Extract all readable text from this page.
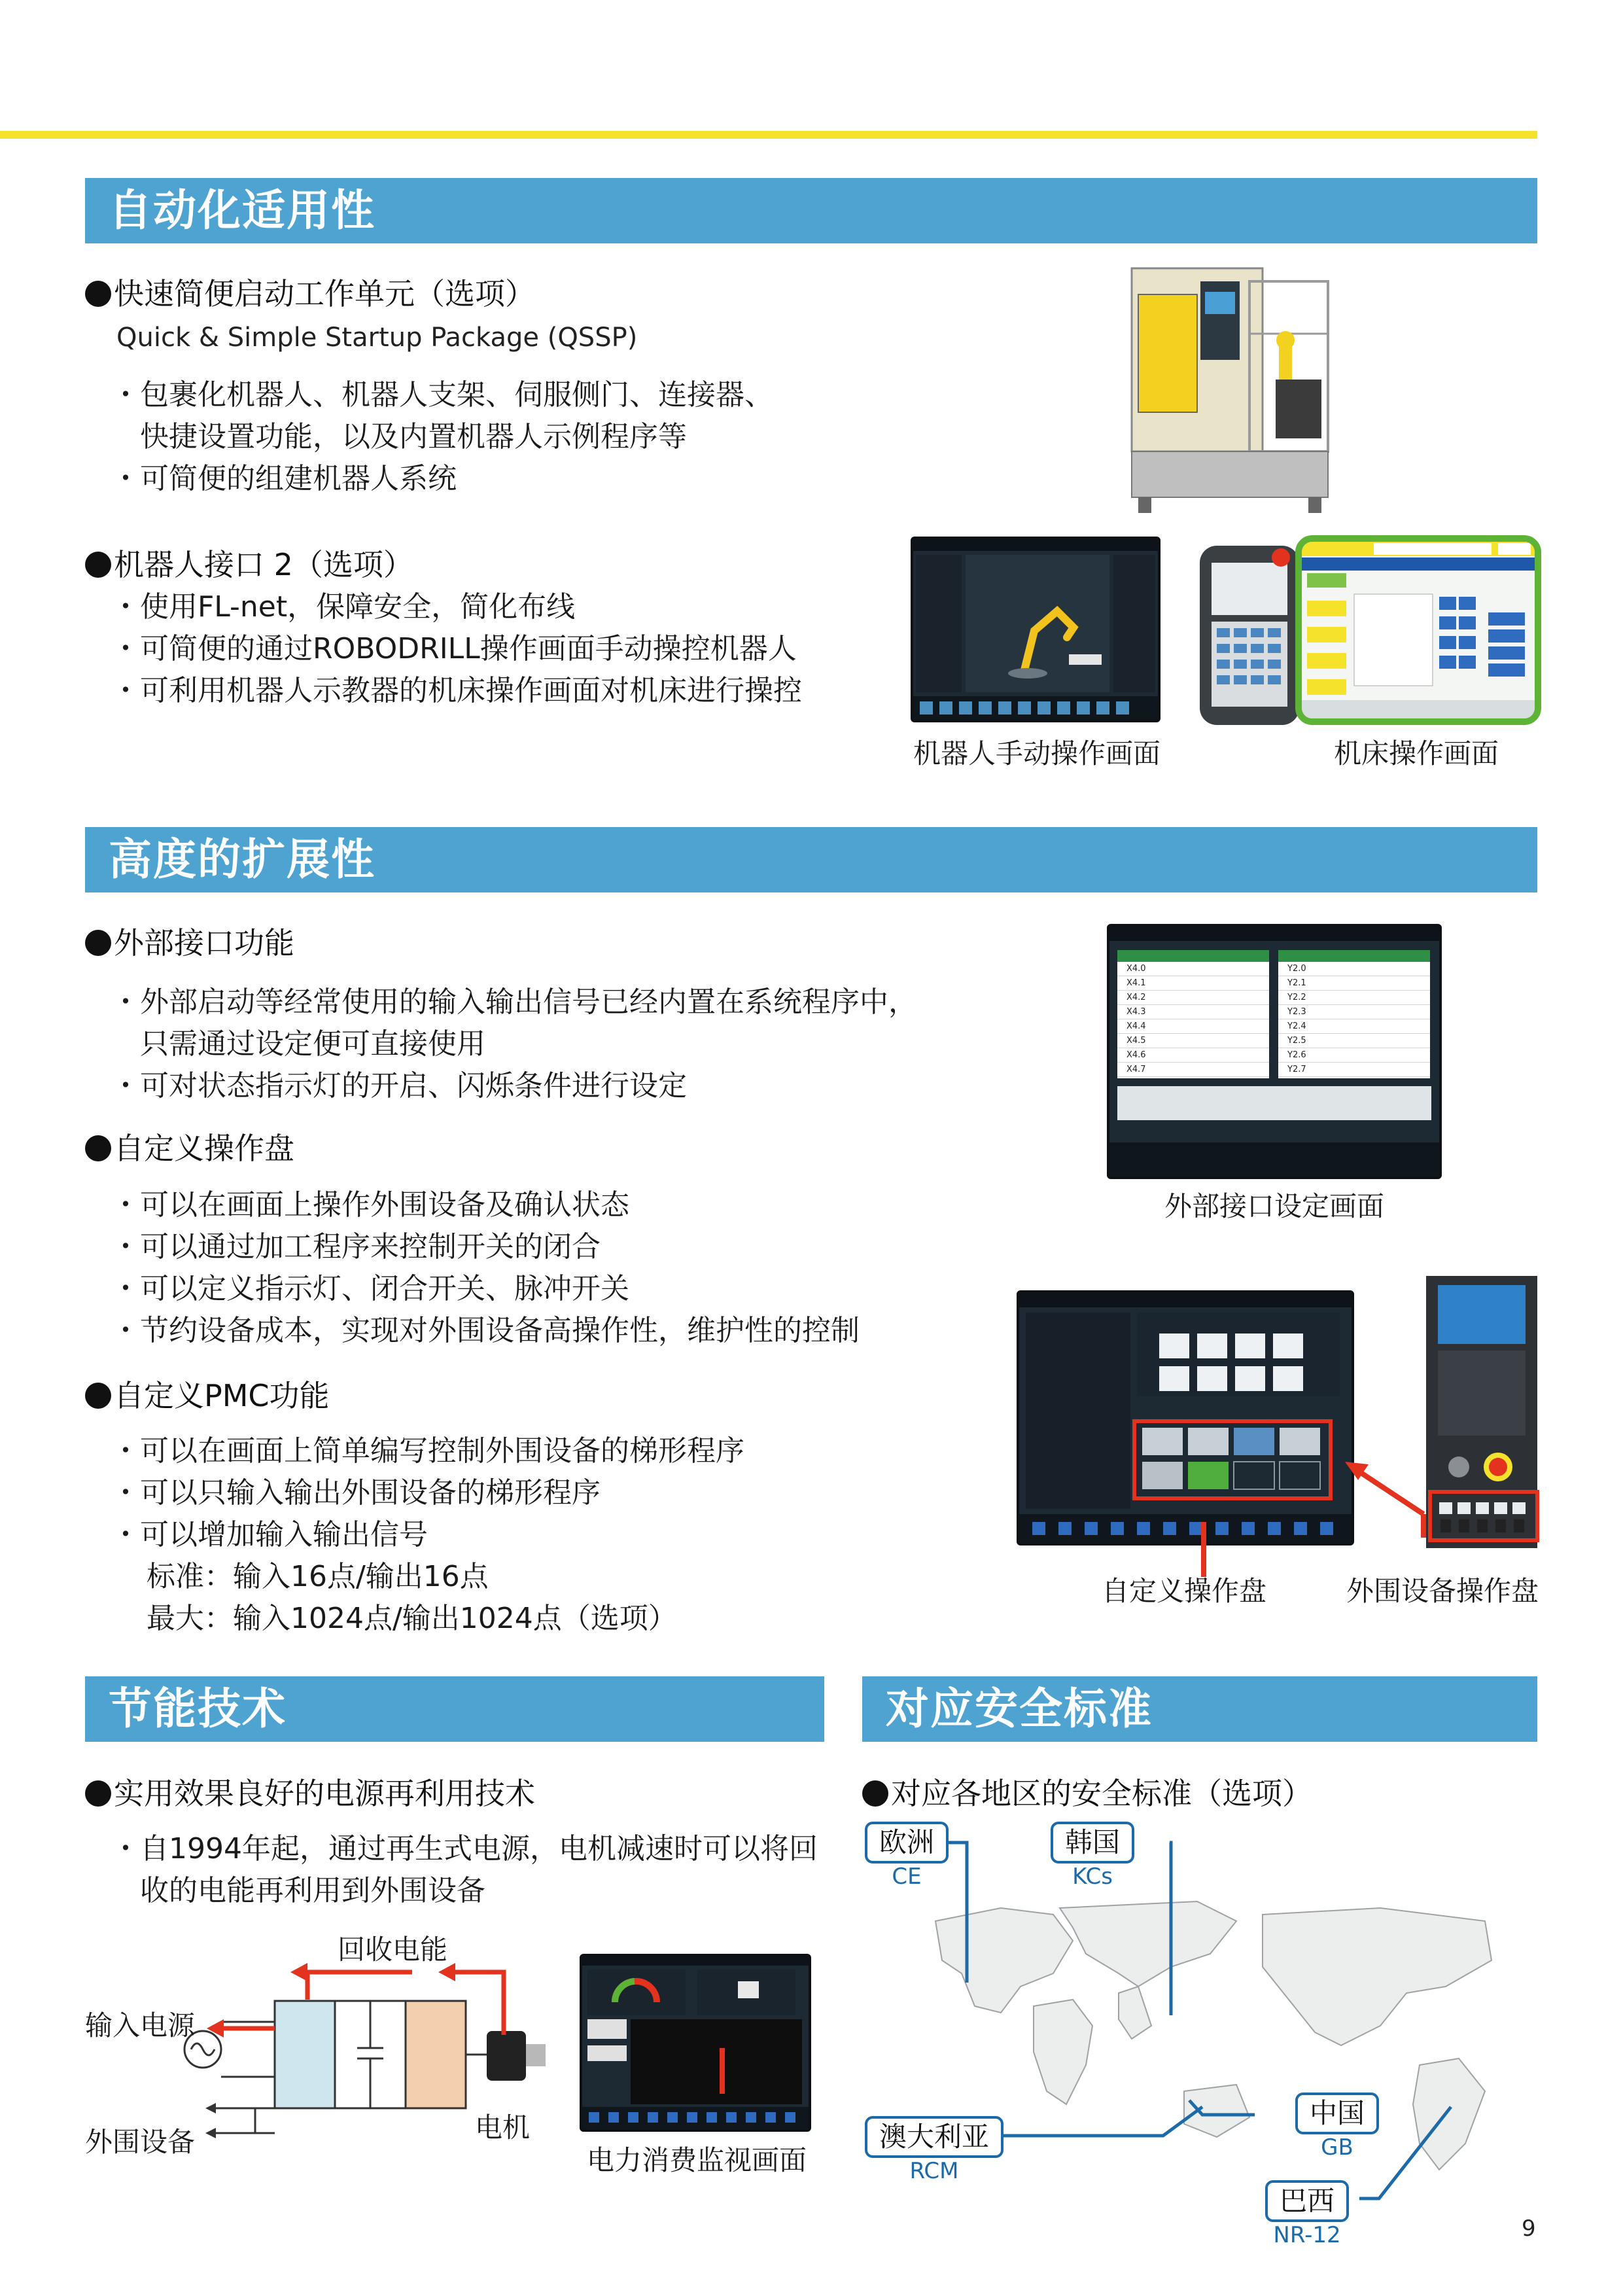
自动化适用性
快速简便启动工作单元（选项）
Quick & Simple Startup Package (QSSP)
・包裹化机器人、机器人支架、伺服侧门、连接器、
　快捷设置功能，以及内置机器人示例程序等
・可简便的组建机器人系统
机器人接口 2（选项）
・使用FL-net，保障安全，简化布线
・可简便的通过ROBODRILL操作画面手动操控机器人
・可利用机器人示教器的机床操作画面对机床进行操控
机器人手动操作画面	机床操作画面
高度的扩展性
外部接口功能
・外部启动等经常使用的输入输出信号已经内置在系统程序中，
　只需通过设定便可直接使用
・可对状态指示灯的开启、闪烁条件进行设定
自定义操作盘
・可以在画面上操作外围设备及确认状态
・可以通过加工程序来控制开关的闭合
・可以定义指示灯、闭合开关、脉冲开关
・节约设备成本，实现对外围设备高操作性，维护性的控制
自定义PMC功能
・可以在画面上简单编写控制外围设备的梯形程序
・可以只输入输出外围设备的梯形程序
・可以增加输入输出信号
标准：输入16点/输出16点
最大：输入1024点/输出1024点（选项）
X4.0
X4.1
X4.2
X4.3
X4.4
X4.5
X4.6
X4.7
Y2.0
Y2.1
Y2.2
Y2.3
Y2.4
Y2.5
Y2.6
Y2.7
外部接口设定画面
自定义操作盘	外围设备操作盘
节能技术
实用效果良好的电源再利用技术
・自1994年起，通过再生式电源，电机减速时可以将回
　收的电能再利用到外围设备
回收电能
输入电源
外围设备	电机
电力消费监视画面
对应安全标准
对应各地区的安全标准（选项）
欧洲
CE
韩国
KCs
中国
GB
澳大利亚
RCM
巴西
NR-12	9
